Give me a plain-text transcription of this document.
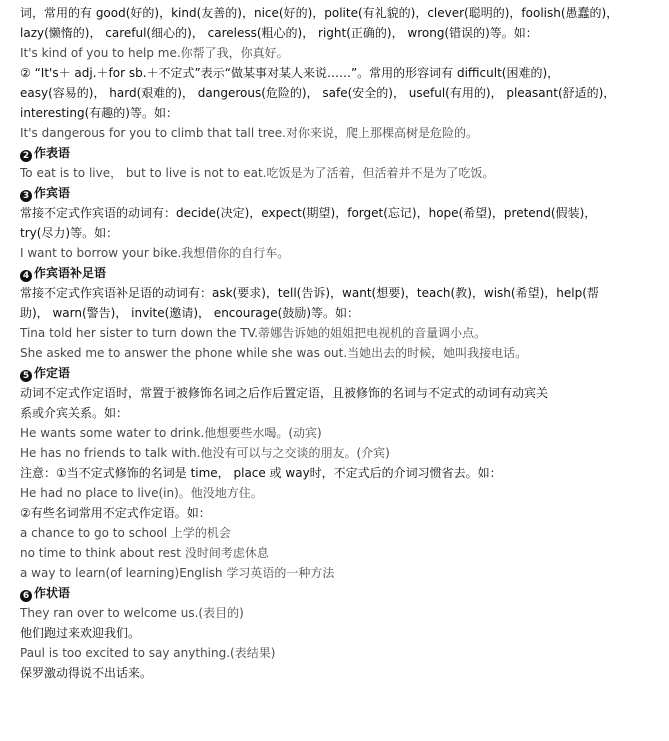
词，常用的有 good(好的)，kind(友善的)，nice(好的)，polite(有礼貌的)，clever(聪明的)，foolish(愚蠢的)，
lazy(懒惰的)， careful(细心的)， careless(粗心的)， right(正确的)， wrong(错误的)等。如：
It's kind of you to help me.你帮了我，你真好。
② “It's＋ adj.＋for sb.＋不定式”表示“做某事对某人来说……”。常用的形容词有 difficult(困难的)，
easy(容易的)， hard(艰难的)， dangerous(危险的)， safe(安全的)， useful(有用的)， pleasant(舒适的)，
interesting(有趣的)等。如：
It's dangerous for you to climb that tall tree.对你来说，爬上那棵高树是危险的。
2 作表语
To eat is to live， but to live is not to eat.吃饭是为了活着，但活着并不是为了吃饭。
3 作宾语
常接不定式作宾语的动词有：decide(决定)，expect(期望)，forget(忘记)，hope(希望)，pretend(假装)，
try(尽力)等。如：
I want to borrow your bike.我想借你的自行车。
4 作宾语补足语
常接不定式作宾语补足语的动词有：ask(要求)，tell(告诉)，want(想要)，teach(教)，wish(希望)，help(帮
助)， warn(警告)， invite(邀请)， encourage(鼓励)等。如：
Tina told her sister to turn down the TV.蒂娜告诉她的姐姐把电视机的音量调小点。
She asked me to answer the phone while she was out.当她出去的时候，她叫我接电话。
5 作定语
动词不定式作定语时，常置于被修饰名词之后作后置定语，且被修饰的名词与不定式的动词有动宾关
系或介宾关系。如：
He wants some water to drink.他想要些水喝。(动宾)
He has no friends to talk with.他没有可以与之交谈的朋友。(介宾)
注意：①当不定式修饰的名词是 time， place 或 way时，不定式后的介词习惯省去。如：
He had no place to live(in)。他没地方住。
②有些名词常用不定式作定语。如：
a chance to go to school 上学的机会
no time to think about rest 没时间考虑休息
a way to learn(of learning)English 学习英语的一种方法
6 作状语
They ran over to welcome us.(表目的)
他们跑过来欢迎我们。
Paul is too excited to say anything.(表结果)
保罗激动得说不出话来。
